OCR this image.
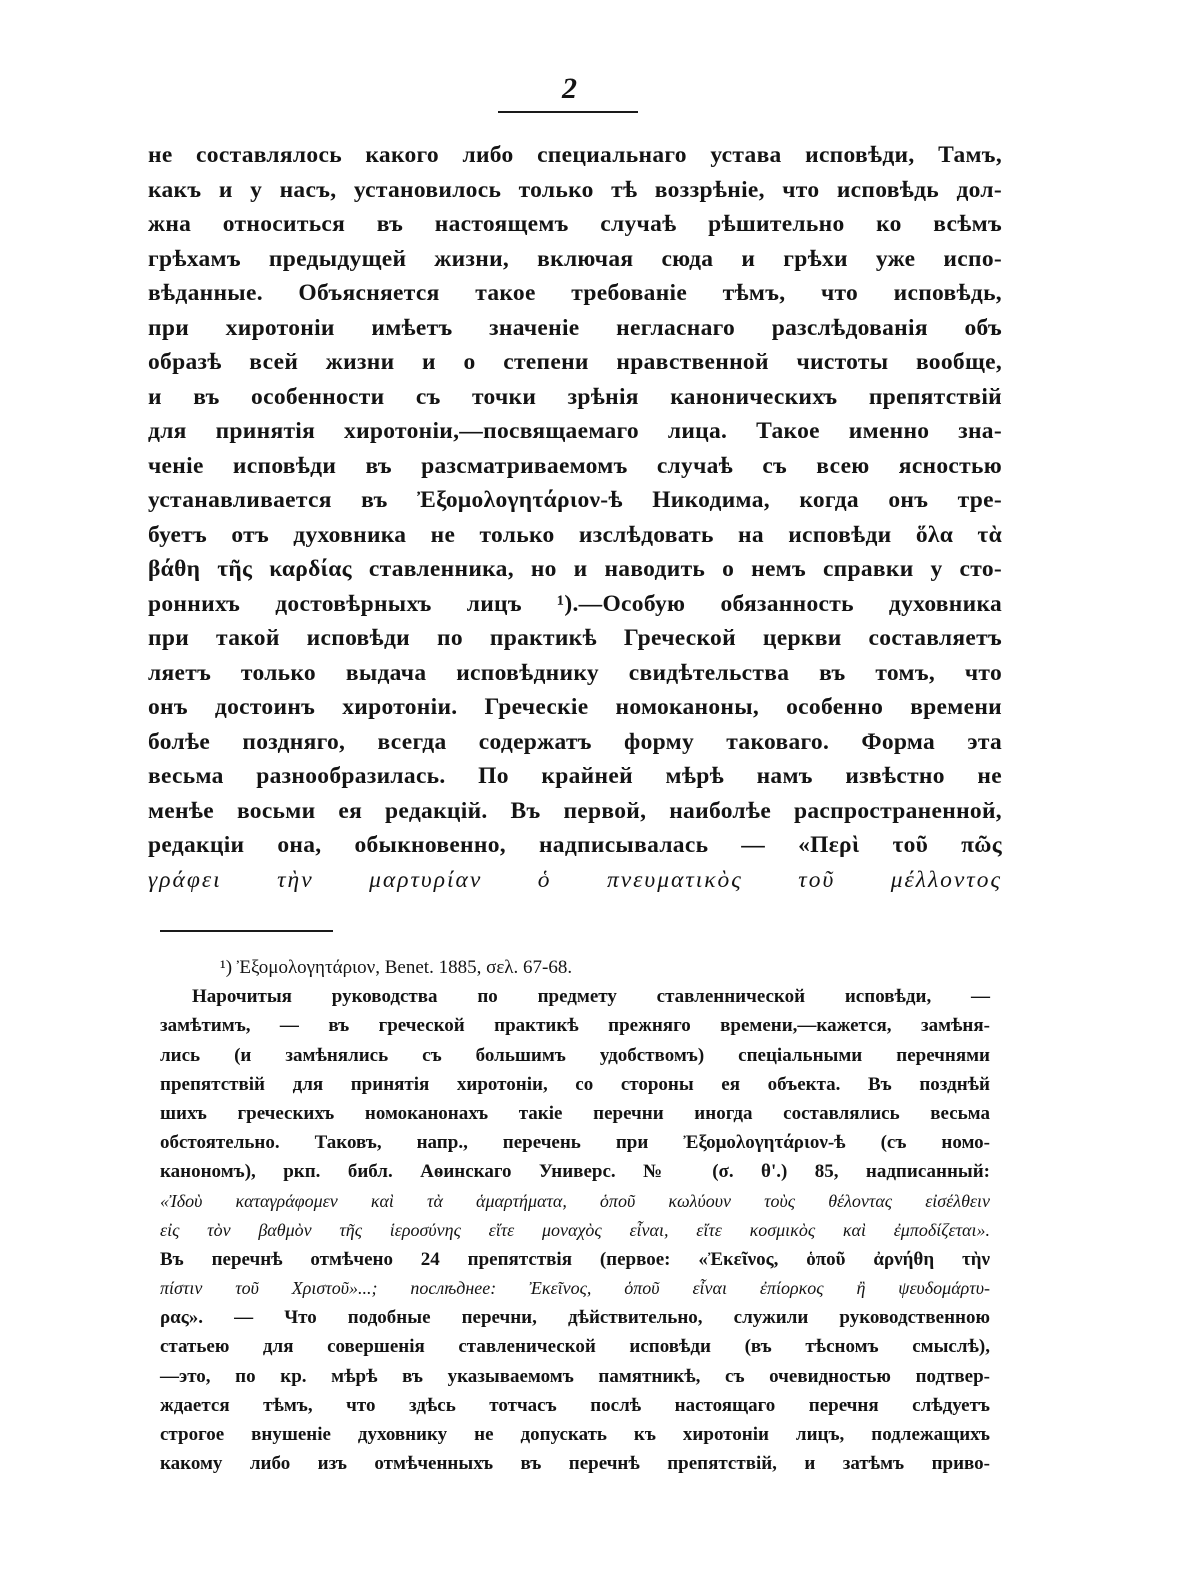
2
не составлялось какого либо специальнаго устава исповѣди, Тамъ,
какъ и у насъ, установилось только тѣ воззрѣніе, что исповѣдь дол-
жна относиться въ настоящемъ случаѣ рѣшительно ко всѣмъ
грѣхамъ предыдущей жизни, включая сюда и грѣхи уже испо-
вѣданные. Объясняется такое требованіе тѣмъ, что исповѣдь,
при хиротоніи имѣетъ значеніе негласнаго разслѣдованія объ
образѣ всей жизни и о степени нравственной чистоты вообще,
и въ особенности съ точки зрѣнія каноническихъ препятствій
для принятія хиротоніи,—посвящаемаго лица. Такое именно зна-
ченіе исповѣди въ разсматриваемомъ случаѣ съ всею ясностью
устанавливается въ Ἐξομολογητάριον-ѣ Никодима, когда онъ тре-
буетъ отъ духовника не только изслѣдовать на исповѣди ὅλα τὰ
βάθη τῆς καρδίας ставленника, но и наводить о немъ справки у сто-
роннихъ достовѣрныхъ лицъ ¹).—Особую обязанность духовника
при такой исповѣди по практикѣ Греческой церкви составляетъ
ляетъ только выдача исповѣднику свидѣтельства въ томъ, что
онъ достоинъ хиротоніи. Греческіе номоканоны, особенно времени
болѣе поздняго, всегда содержатъ форму таковаго. Форма эта
весьма разнообразилась. По крайней мѣрѣ намъ извѣстно не
менѣе восьми ея редакцій. Въ первой, наиболѣе распространенной,
редакціи она, обыкновенно, надписывалась — «Περὶ τοῦ πῶς
γράφει τὴν μαρτυρίαν ὁ πνευματικὸς τοῦ μέλλοντος
¹) Ἐξομολογητάριον, Benet. 1885, σελ. 67-68.
Нарочитыя руководства по предмету ставленнической исповѣди, —
замѣтимъ, — въ греческой практикѣ прежняго времени,—кажется, замѣня-
лись (и замѣнялись съ большимъ удобствомъ) спеціальными перечнями
препятствій для принятія хиротоніи, со стороны ея объекта. Въ позднѣй
шихъ греческихъ номоканонахъ такіе перечни иногда составлялись весьма
обстоятельно. Таковъ, напр., перечень при Ἐξομολογητάριον-ѣ (съ номо-
канономъ), ркп. библ. Аѳинскаго Универс. № (σ. θ'.) 85, надписанный:
«Ἰδοὺ καταγράφομεν καὶ τὰ ἁμαρτήματα, ὁποῦ κωλύουν τοὺς θέλοντας εἰσέλθειν
εἰς τὸν βαθμὸν τῆς ἱεροσύνης εἴτε μοναχὸς εἶναι, εἴτε κοσμικὸς καὶ ἐμποδίζεται».
Въ перечнѣ отмѣчено 24 препятствія (первое: «Ἐκεῖνος, ὁποῦ ἀρνήθη τὴν
πίστιν τοῦ Χριστοῦ»...; послѣднее: Ἐκεῖνος, ὁποῦ εἶναι ἐπίορκος ἢ ψευδομάρτυ-
ρας». — Что подобные перечни, дѣйствительно, служили руководственною
статьею для совершенія ставленической исповѣди (въ тѣсномъ смыслѣ),
—это, по кр. мѣрѣ въ указываемомъ памятникѣ, съ очевидностью подтвер-
ждается тѣмъ, что здѣсь тотчасъ послѣ настоящаго перечня слѣдуетъ
строгое внушеніе духовнику не допускать къ хиротоніи лицъ, подлежащихъ
какому либо изъ отмѣченныхъ въ перечнѣ препятствій, и затѣмъ приво-
